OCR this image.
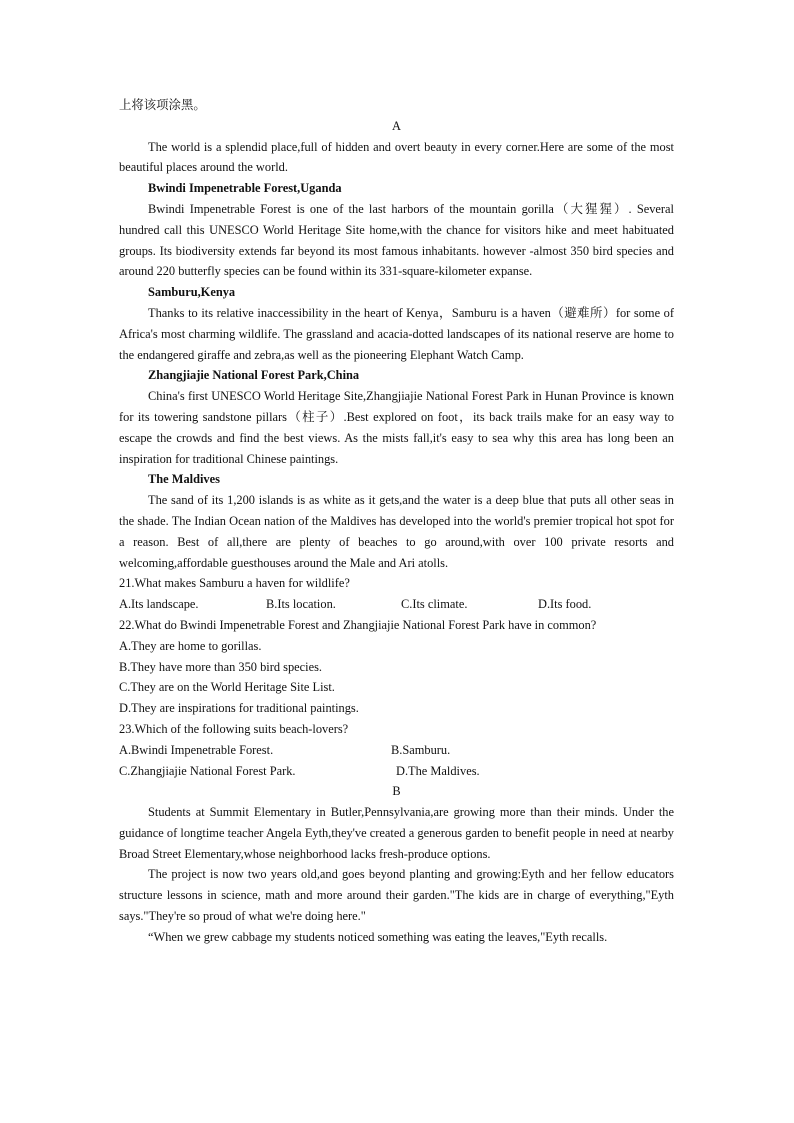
上将该项涂黑。

A

The world is a splendid place,full of hidden and overt beauty in every corner.Here are some of the most beautiful places around the world.

Bwindi Impenetrable Forest,Uganda

Bwindi Impenetrable Forest is one of the last harbors of the mountain gorilla（大猩猩）. Several hundred call this UNESCO World Heritage Site home,with the chance for visitors hike and meet habituated groups. Its biodiversity extends far beyond its most famous inhabitants. however -almost 350 bird species and around 220 butterfly species can be found within its 331-square-kilometer expanse.

Samburu,Kenya

Thanks to its relative inaccessibility in the heart of Kenya，Samburu is a haven（避难所）for some of Africa's most charming wildlife. The grassland and acacia-dotted landscapes of its national reserve are home to the endangered giraffe and zebra,as well as the pioneering Elephant Watch Camp.

Zhangjiajie National Forest Park,China

China's first UNESCO World Heritage Site,Zhangjiajie National Forest Park in Hunan Province is known for its towering sandstone pillars（柱子）.Best explored on foot，its back trails make for an easy way to escape the crowds and find the best views. As the mists fall,it's easy to sea why this area has long been an inspiration for traditional Chinese paintings.

The Maldives

The sand of its 1,200 islands is as white as it gets,and the water is a deep blue that puts all other seas in the shade. The Indian Ocean nation of the Maldives has developed into the world's premier tropical hot spot for a reason. Best of all,there are plenty of beaches to go around,with over 100 private resorts and welcoming,affordable guesthouses around the Male and Ari atolls.

21.What makes Samburu a haven for wildlife?

A.Its landscape.	B.Its location.	C.Its climate.	D.Its food.

22.What do Bwindi Impenetrable Forest and Zhangjiajie National Forest Park have in common?

A.They are home to gorillas.

B.They have more than 350 bird species.

C.They are on the World Heritage Site List.

D.They are inspirations for traditional paintings.

23.Which of the following suits beach-lovers?

A.Bwindi Impenetrable Forest.	B.Samburu.
C.Zhangjiajie National Forest Park.	D.The Maldives.

B

Students at Summit Elementary in Butler,Pennsylvania,are growing more than their minds. Under the guidance of longtime teacher Angela Eyth,they've created a generous garden to benefit people in need at nearby Broad Street Elementary,whose neighborhood lacks fresh-produce options.

The project is now two years old,and goes beyond planting and growing:Eyth and her fellow educators structure lessons in science, math and more around their garden."The kids are in charge of everything,"Eyth says."They're so proud of what we're doing here."

“When we grew cabbage my students noticed something was eating the leaves,"Eyth recalls.
